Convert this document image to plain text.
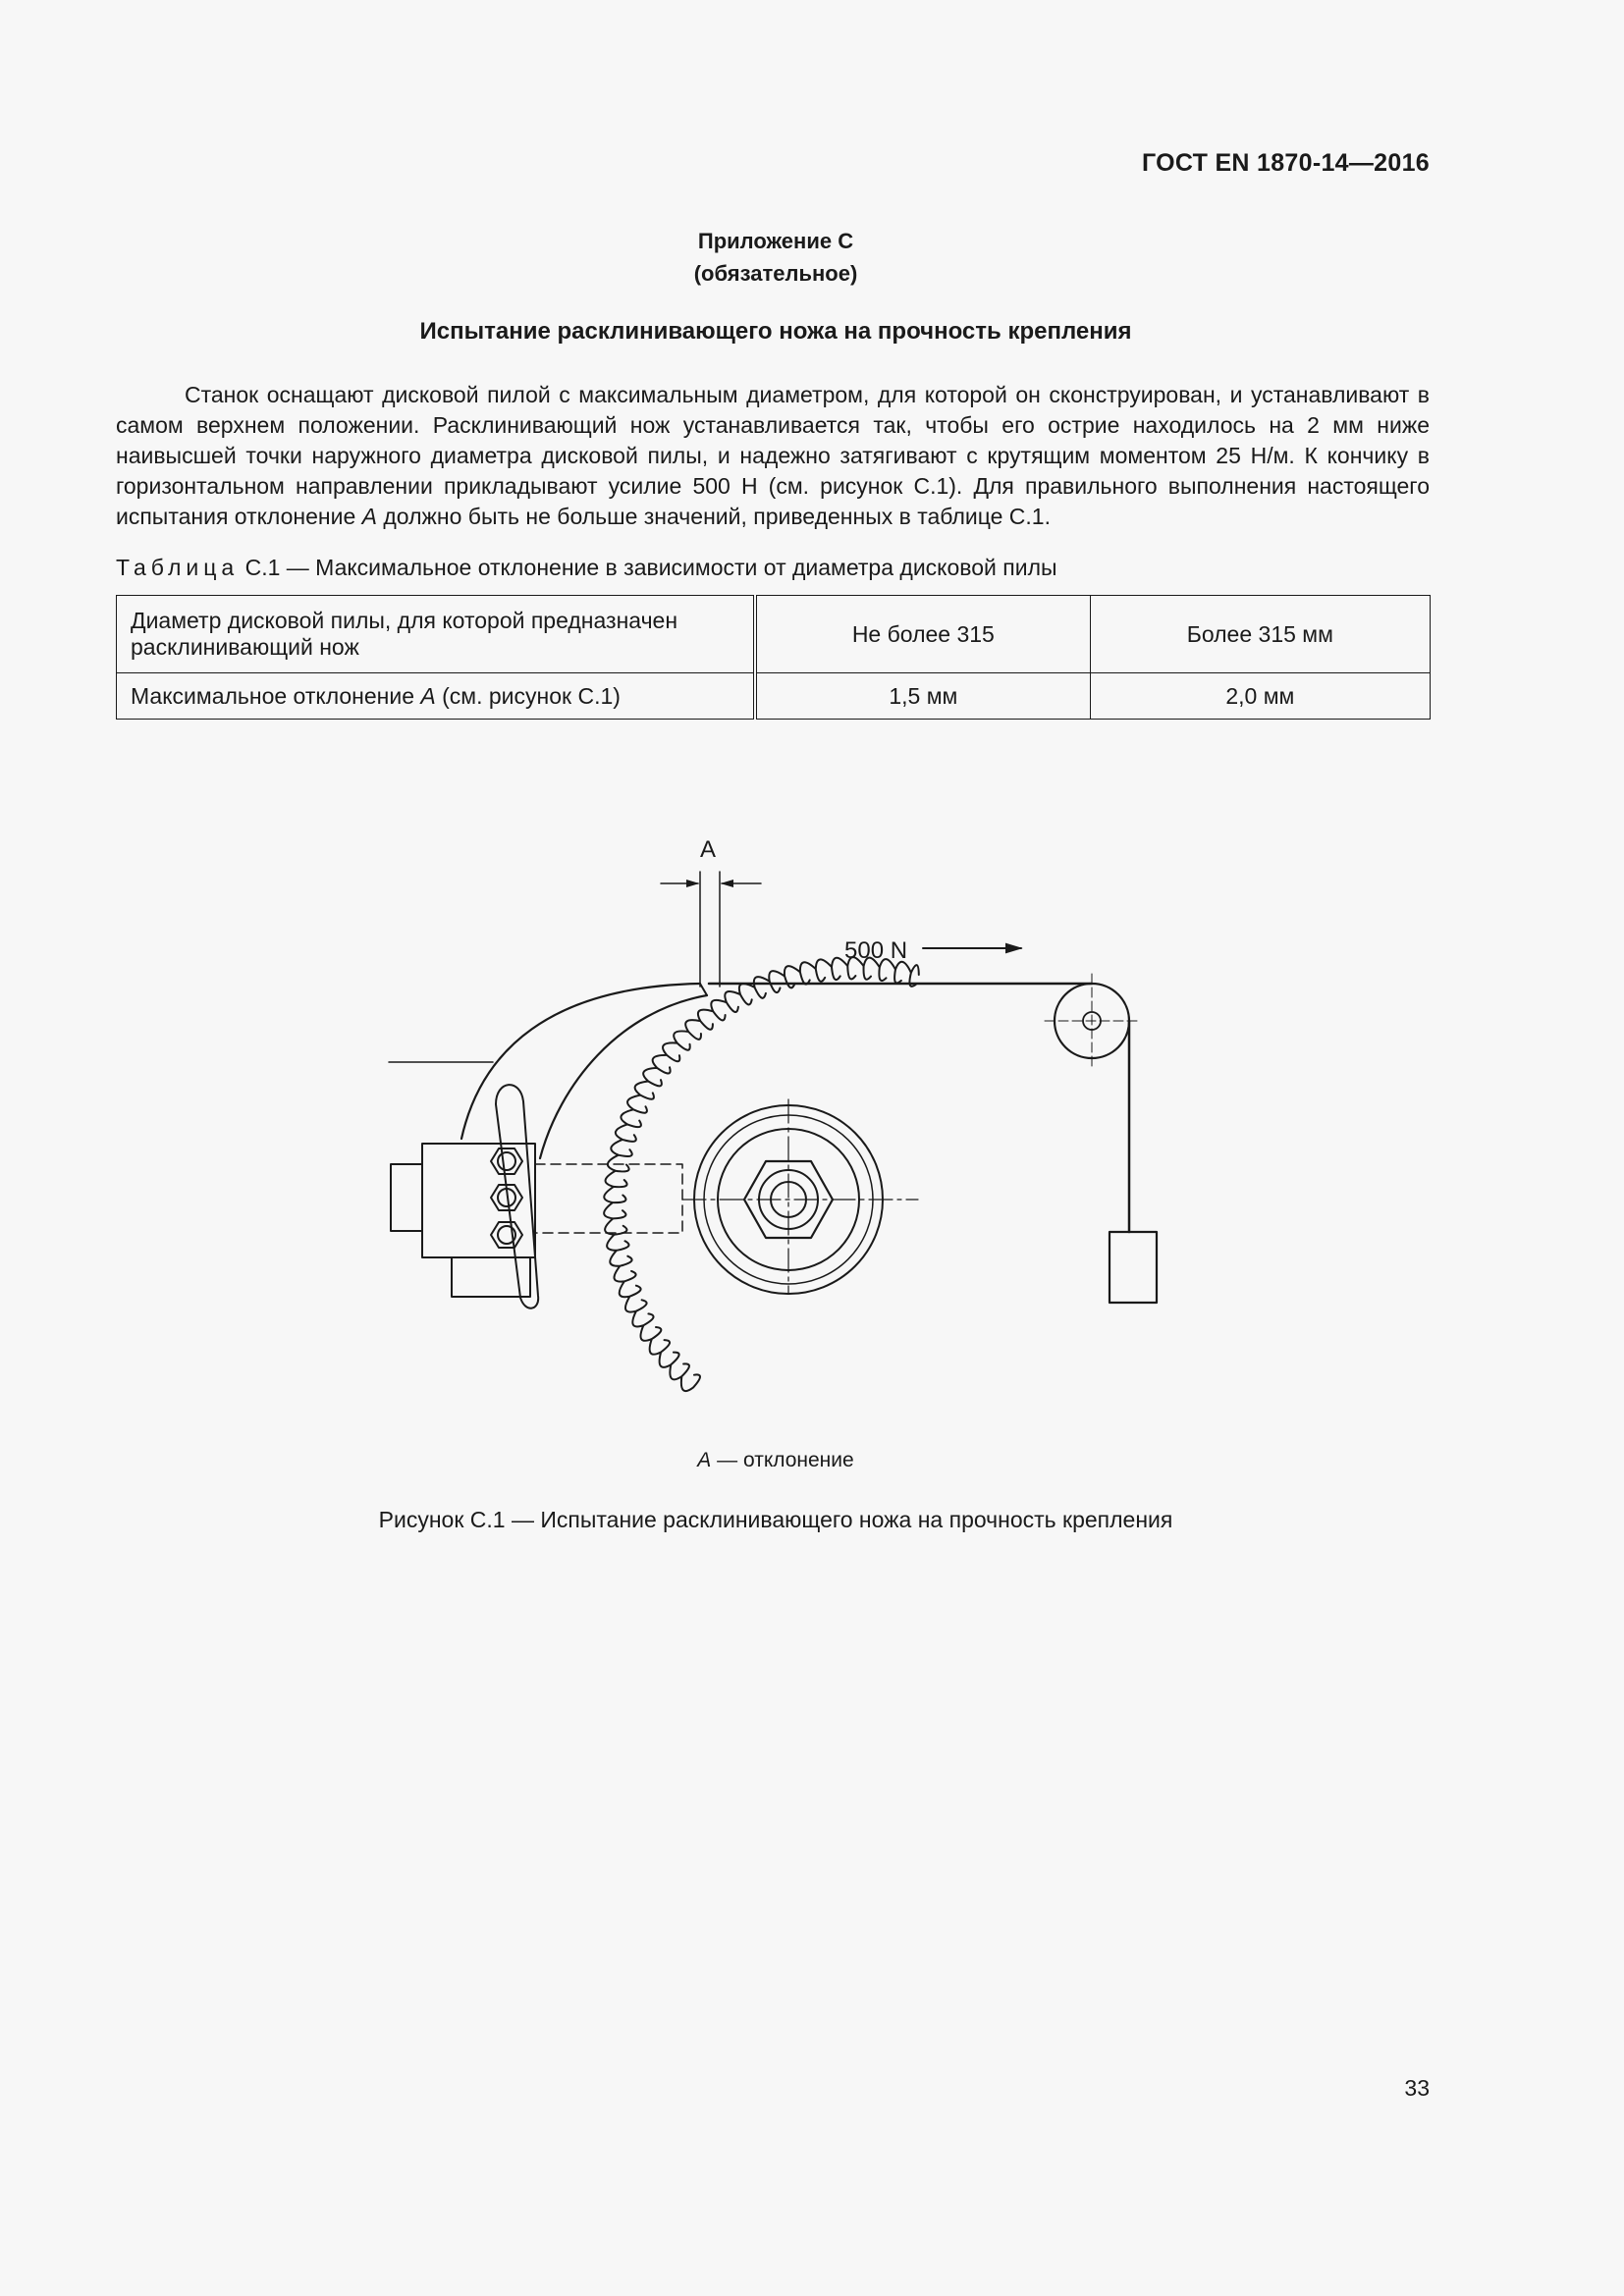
ГОСТ EN 1870-14—2016
Приложение С
(обязательное)
Испытание расклинивающего ножа на прочность крепления
Станок оснащают дисковой пилой с максимальным диаметром, для которой он сконструирован, и устанавливают в самом верхнем положении. Расклинивающий нож устанавливается так, чтобы его острие находилось на 2 мм ниже наивысшей точки наружного диаметра дисковой пилы, и надежно затягивают с крутящим моментом 25 Н/м. К кончику в горизонтальном направлении прикладывают усилие 500 Н (см. рисунок С.1). Для правильного выполнения настоящего испытания отклонение А должно быть не больше значений, приведенных в таблице С.1.
Таблица С.1 — Максимальное отклонение в зависимости от диаметра дисковой пилы
Диаметр дисковой пилы, для которой предназначен расклинивающий нож	Не более 315	Более 315 мм
Максимальное отклонение А (см. рисунок С.1)	1,5 мм	2,0 мм
A
500 N
А — отклонение
Рисунок С.1 — Испытание расклинивающего ножа на прочность крепления
33
